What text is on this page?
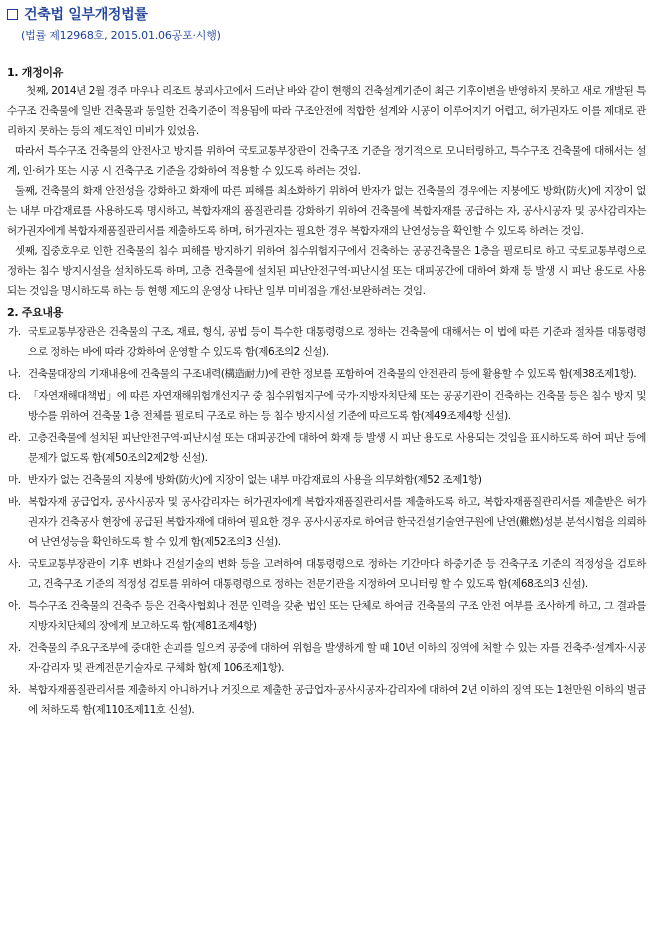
건축법 일부개정법률
(법률 제12968호, 2015.01.06공포·시행)
1. 개정이유

첫째, 2014년 2월 경주 마우나 리조트 붕괴사고에서 드러난 바와 같이 현행의 건축설계기준이 최근 기후이변을 반영하지 못하고 새로 개발된 특수구조 건축물에 일반 건축물과 동일한 건축기준이 적용됨에 따라 구조안전에 적합한 설계와 시공이 이루어지기 어렵고, 허가권자도 이를 제대로 관리하지 못하는 등의 제도적인 미비가 있었음.

따라서 특수구조 건축물의 안전사고 방지를 위하여 국토교통부장관이 건축구조 기준을 정기적으로 모니터링하고, 특수구조 건축물에 대해서는 설계, 인·허가 또는 시공 시 건축구조 기준을 강화하여 적용할 수 있도록 하려는 것임.

둘째, 건축물의 화재 안전성을 강화하고 화재에 따른 피해를 최소화하기 위하여 반자가 없는 건축물의 경우에는 지붕에도 방화(防火)에 지장이 없는 내부 마감재료를 사용하도록 명시하고, 복합자재의 품질관리를 강화하기 위하여 건축물에 복합자재를 공급하는 자, 공사시공자 및 공사감리자는 허가권자에게 복합자재품질관리서를 제출하도록 하며, 허가권자는 필요한 경우 복합자재의 난연성능을 확인할 수 있도록 하려는 것임.

셋째, 집중호우로 인한 건축물의 침수 피해를 방지하기 위하여 침수위험지구에서 건축하는 공공건축물은 1층을 필로티로 하고 국토교통부령으로 정하는 침수 방지시설을 설치하도록 하며, 고층 건축물에 설치된 피난안전구역·피난시설 또는 대피공간에 대하여 화재 등 발생 시 피난 용도로 사용되는 것임을 명시하도록 하는 등 현행 제도의 운영상 나타난 일부 미비점을 개선·보완하려는 것임.

2. 주요내용
가. 국토교통부장관은 건축물의 구조, 재료, 형식, 공법 등이 특수한 대통령령으로 정하는 건축물에 대해서는 이 법에 따른 기준과 절차를 대통령령으로 정하는 바에 따라 강화하여 운영할 수 있도록 함(제6조의2 신설).
나. 건축물대장의 기재내용에 건축물의 구조내력(構造耐力)에 관한 정보를 포함하여 건축물의 안전관리 등에 활용할 수 있도록 함(제38조제1항).
다. 「자연재해대책법」에 따른 자연재해위험개선지구 중 침수위험지구에 국가·지방자치단체 또는 공공기관이 건축하는 건축물 등은 침수 방지 및 방수를 위하여 건축물 1층 전체를 필로티 구조로 하는 등 침수 방지시설 기준에 따르도록 함(제49조제4항 신설).
라. 고층건축물에 설치된 피난안전구역·피난시설 또는 대피공간에 대하여 화재 등 발생 시 피난 용도로 사용되는 것임을 표시하도록 하여 피난 등에 문제가 없도록 함(제50조의2제2항 신설).
마. 반자가 없는 건축물의 지붕에 방화(防火)에 지장이 없는 내부 마감재료의 사용을 의무화함(제52 조제1항)
바. 복합자재 공급업자, 공사시공자 및 공사감리자는 허가권자에게 복합자재품질관리서를 제출하도록 하고, 복합자재품질관리서를 제출받은 허가권자가 건축공사 현장에 공급된 복합자재에 대하여 필요한 경우 공사시공자로 하여금 한국건설기술연구원에 난연(難燃)성분 분석시험을 의뢰하여 난연성능을 확인하도록 할 수 있게 함(제52조의3 신설).
사. 국토교통부장관이 기후 변화나 건설기술의 변화 등을 고려하여 대통령령으로 정하는 기간마다 하중기준 등 건축구조 기준의 적정성을 검토하고, 건축구조 기준의 적정성 검토를 위하여 대통령령으로 정하는 전문기관을 지정하여 모니터링 할 수 있도록 함(제68조의3 신설).
아. 특수구조 건축물의 건축주 등은 건축사협회나 전문 인력을 갖춘 법인 또는 단체로 하여금 건축물의 구조 안전 여부를 조사하게 하고, 그 결과를 지방자치단체의 장에게 보고하도록 함(제81조제4항)
자. 건축물의 주요구조부에 중대한 손괴를 일으켜 공중에 대하여 위험을 발생하게 할 때 10년 이하의 징역에 처할 수 있는 자를 건축주·설계자·시공자·감리자 및 관계전문기술자로 구체화 함(제 106조제1항).
차. 복합자재품질관리서를 제출하지 아니하거나 거짓으로 제출한 공급업자·공사시공자·감리자에 대하여 2년 이하의 징역 또는 1천만원 이하의 벌금에 처하도록 함(제110조제11호 신설).
